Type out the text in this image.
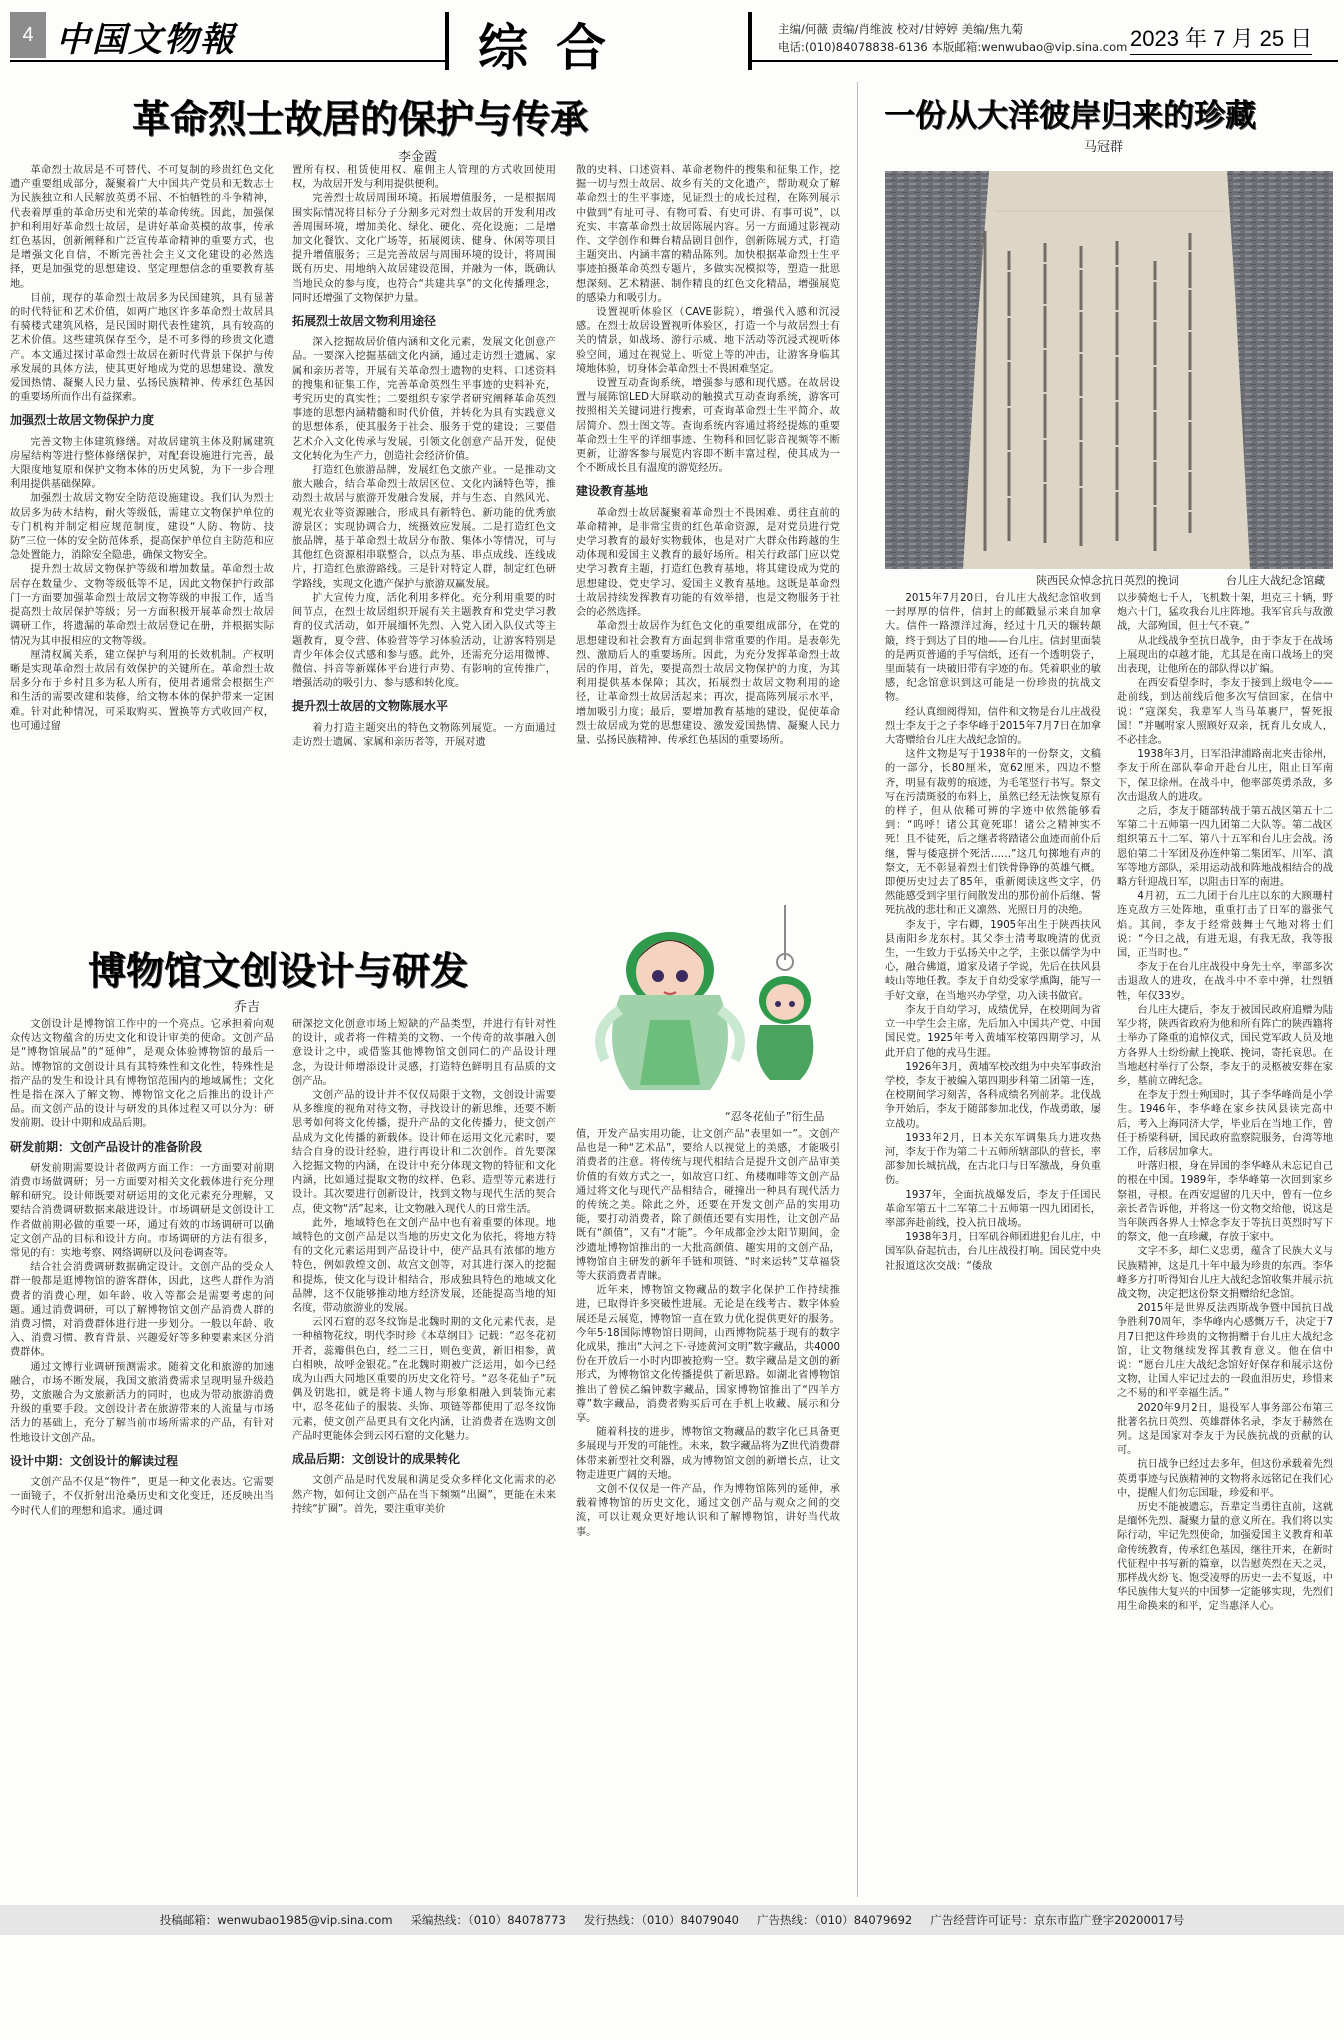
4 中国文物報	综合	主编/何薇 责编/肖维波 校对/甘婷婷 美编/焦九菊
电话:(010)84078838-6136 本版邮箱:wenwubao@vip.sina.com 2023 年 7 月 25 日
革命烈士故居的保护与传承
李金霞

革命烈士故居是不可替代、不可复制的珍贵红色文化遗产重要组成部分，凝聚着广大中国共产党员和无数志士为民族独立和人民解放英勇不屈、不怕牺牲的斗争精神，代表着厚重的革命历史和光荣的革命传统。因此，加强保护和利用好革命烈士故居，是讲好革命英模的故事，传承红色基因，创新阐释和广泛宣传革命精神的重要方式，也是增强文化自信，不断完善社会主义文化建设的必然选择，更是加强党的思想建设、坚定理想信念的重要教育基地。

目前，现存的革命烈士故居多为民国建筑，具有显著的时代特征和艺术价值，如两广地区许多革命烈士故居具有骑楼式建筑风格，是民国时期代表性建筑，具有较高的艺术价值。这些建筑保存至今，是不可多得的珍贵文化遗产。本文通过探讨革命烈士故居在新时代背景下保护与传承发展的具体方法，使其更好地成为党的思想建设、激发爱国热情、凝聚人民力量、弘扬民族精神、传承红色基因的重要场所而作出有益探索。

加强烈士故居文物保护力度

完善文物主体建筑修缮。对故居建筑主体及附属建筑房屋结构等进行整体修缮保护，对配套设施进行完善，最大限度地复原和保护文物本体的历史风貌，为下一步合理利用提供基础保障。

加强烈士故居文物安全防范设施建设。我们认为烈士故居多为砖木结构，耐火等级低，需建立文物保护单位的专门机构并制定相应规范制度，建设“人防、物防、技防”三位一体的安全防范体系，提高保护单位自主防范和应急处置能力，消除安全隐患，确保文物安全。

提升烈士故居文物保护等级和增加数量。革命烈士故居存在数量少、文物等级低等不足，因此文物保护行政部门一方面要加强革命烈士故居文物等级的申报工作，适当提高烈士故居保护等级；另一方面积极开展革命烈士故居调研工作，将遗漏的革命烈士故居登记在册，并根据实际情况为其申报相应的文物等级。

厘清权属关系，建立保护与利用的长效机制。产权明晰是实现革命烈士故居有效保护的关键所在。革命烈士故居多分布于乡村且多为私人所有，使用者通常会根据生产和生活的需要改建和装修，给文物本体的保护带来一定困难。针对此种情况，可采取购买、置换等方式收回产权，也可通过留

置所有权、租赁使用权、雇佣主人管理的方式收回使用权，为故居开发与利用提供便利。

完善烈士故居周围环境。拓展增值服务，一是根据周围实际情况将目标分子分割多元对烈士故居的开发利用改善周围环境，增加美化、绿化、硬化、亮化设施；二是增加文化餐饮、文化广场等，拓展阅读、健身、休闲等项目提升增值服务；三是完善故居与周围环境的设计，将周围既有历史、用地纳入故居建设范围，并融为一体，既确认当地民众的参与度，也符合“共建共享”的文化传播理念，同时还增强了文物保护力量。

拓展烈士故居文物利用途径

深入挖掘故居价值内涵和文化元素，发展文化创意产品。一要深入挖掘基础文化内涵，通过走访烈士遗属、家属和亲历者等，开展有关革命烈士遗物的史料、口述资料的搜集和征集工作，完善革命英烈生平事迹的史料补充，考究历史的真实性；二要组织专家学者研究阐释革命英烈事迹的思想内涵精髓和时代价值，并转化为具有实践意义的思想体系，使其服务于社会、服务于党的建设；三要借艺术介入文化传承与发展，引领文化创意产品开发，促使文化转化为生产力，创造社会经济价值。

打造红色旅游品牌，发展红色文旅产业。一是推动文旅大融合，结合革命烈士故居区位、文化内涵特色等，推动烈士故居与旅游开发融合发展，并与生态、自然风光、观光农业等资源融合，形成具有新特色、新功能的优秀旅游景区；实现协调合力，统摄效应发展。二是打造红色文旅品牌，基于革命烈士故居分布散、集体小等情况，可与其他红色资源相串联整合，以点为基、串点成线、连线成片，打造红色旅游路线。三是针对特定人群，制定红色研学路线，实现文化遗产保护与旅游双赢发展。

扩大宣传力度，活化利用多样化。充分利用重要的时间节点，在烈士故居组织开展有关主题教育和党史学习教育的仪式活动，如开展缅怀先烈、入党入团入队仪式等主题教育，夏令营、体验营等学习体验活动，让游客特别是青少年体会仪式感和参与感。此外，还需充分运用微博、微信、抖音等新媒体平台进行声势、有影响的宣传推广，增强活动的吸引力、参与感和转化度。

提升烈士故居的文物陈展水平

着力打造主题突出的特色文物陈列展览。一方面通过走访烈士遗属、家属和亲历者等，开展对遗

散的史料、口述资料、革命老物件的搜集和征集工作，挖掘一切与烈士故居、故乡有关的文化遗产，帮助观众了解革命烈士的生平事迹，见证烈士的成长过程，在陈列展示中做到“有址可寻、有物可看、有史可讲、有事可说”，以充实、丰富革命烈士故居陈展内容。另一方面通过影视动作、文学创作和舞台精品剧目创作，创新陈展方式，打造主题突出、内涵丰富的精品陈列。加快根据革命烈士生平事迹拍摄革命英烈专题片，多做实况模拟等，塑造一批思想深刻、艺术精湛、制作精良的红色文化精品，增强展览的感染力和吸引力。

设置视听体验区（CAVE影院），增强代入感和沉浸感。在烈士故居设置视听体验区，打造一个与故居烈士有关的情景，如战场、游行示威、地下活动等沉浸式视听体验空间，通过在视觉上、听觉上等的冲击，让游客身临其境地体验，切身体会革命烈士不畏困难坚定。

设置互动查询系统，增强参与感和现代感。在故居设置与展陈馆LED大屏联动的触摸式互动查询系统，游客可按照相关关键词进行搜索，可查询革命烈士生平简介、故居简介、烈士图文等。查询系统内容通过将经提炼的重要革命烈士生平的详细事迹、生物科和回忆影音视频等不断更新，让游客参与展览内容即不断丰富过程，使其成为一个不断成长且有温度的游览经历。

建设教育基地

革命烈士故居凝聚着革命烈士不畏困难、勇往直前的革命精神，是非常宝贵的红色革命资源，是对党员进行党史学习教育的最好实物载体，也是对广大群众伟跨越的生动体现和爱国主义教育的最好场所。相关行政部门应以党史学习教育主题，打造红色教育基地，将其建设成为党的思想建设、党史学习、爱国主义教育基地。这既是革命烈士故居持续发挥教育功能的有效举措，也是文物服务于社会的必然选择。

革命烈士故居作为红色文化的重要组成部分，在党的思想建设和社会教育方面起到非常重要的作用。是表彰先烈、激励后人的重要场所。因此，为充分发挥革命烈士故居的作用，首先，要提高烈士故居文物保护的力度，为其利用提供基本保障；其次，拓展烈士故居文物利用的途径，让革命烈士故居活起来；再次，提高陈列展示水平，增加吸引力度；最后，要增加教育基地的建设，促使革命烈士故居成为党的思想建设、激发爱国热情、凝聚人民力量、弘扬民族精神、传承红色基因的重要场所。

博物馆文创设计与研发
乔吉

文创设计是博物馆工作中的一个亮点。它承担着向观众传达文物蕴含的历史文化和设计审美的使命。文创产品是“博物馆展品”的“延伸”，是观众体验博物馆的最后一站。博物馆的文创设计具有其特殊性和文化性，特殊性是指产品的发生和设计具有博物馆范围内的地域属性；文化性是指在深入了解文物、博物馆文化之后推出的设计产品。而文创产品的设计与研发的具体过程又可以分为：研发前期、设计中期和成品后期。

研发前期：文创产品设计的准备阶段

研发前期需要设计者做两方面工作：一方面要对前期消费市场做调研；另一方面要对相关文化载体进行充分理解和研究。设计师既要对研运用的文化元素充分理解，又要结合消费调研数据来敲进设计。市场调研是文创设计工作者做前期必做的重要一环，通过有效的市场调研可以确定文创产品的目标和设计方向。市场调研的方法有很多，常见的有：实地考察、网络调研以及问卷调查等。

结合社会消费调研数据确定设计。文创产品的受众人群一般都是逛博物馆的游客群体，因此，这些人群作为消费者的消费心理，如年龄、收入等都会是需要考虑的问题。通过消费调研，可以了解博物馆文创产品消费人群的消费习惯，对消费群体进行进一步划分。一般以年龄、收入、消费习惯、教育背景、兴趣爱好等多种要素来区分消费群体。

通过文博行业调研预测需求。随着文化和旅游的加速融合，市场不断发展，我国文旅消费需求呈现明显升级趋势，文旅融合为文旅新活力的同时，也成为带动旅游消费升级的重要手段。文创设计者在旅游带来的人流量与市场活力的基础上，充分了解当前市场所需求的产品，有针对性地设计文创产品。

设计中期：文创设计的解读过程

文创产品不仅是“物件”，更是一种文化表达。它需要一面镜子，不仅折射出沧桑历史和文化变迁，还反映出当今时代人们的理想和追求。通过调

研深挖文化创意市场上短缺的产品类型，并进行有针对性的设计，或者将一件精美的文物、一个传奇的故事融入创意设计之中，或借鉴其他博物馆文创同仁的产品设计理念，为设计师增添设计灵感，打造特色鲜明且有品质的文创产品。

文创产品的设计并不仅仅局限于文物，文创设计需要从多维度的视角对待文物，寻找设计的新思维，还要不断思考如何将文化传播，提升产品的文化传播力，使文创产品成为文化传播的新载体。设计师在运用文化元素时，要结合自身的设计经验，进行再设计和二次创作。首先要深入挖掘文物的内涵，在设计中充分体现文物的特征和文化内涵，比如通过提取文物的纹样、色彩、造型等元素进行设计。其次要进行创新设计，找到文物与现代生活的契合点，使文物“活”起来，让文物融入现代人的日常生活。

此外，地域特色在文创产品中也有着重要的体现。地域特色的文创产品是以当地的历史文化为依托，将地方特有的文化元素运用到产品设计中，使产品具有浓郁的地方特色，例如敦煌文创、故宫文创等，对其进行深入的挖掘和提炼，使文化与设计相结合，形成独具特色的地域文化品牌，这不仅能够推动地方经济发展，还能提高当地的知名度，带动旅游业的发展。

云冈石窟的忍冬纹饰是北魏时期的文化元素代表，是一种植物花纹，明代李时珍《本草纲目》记载：“忍冬花初开者，蕊瓣俱色白，经二三日，则色变黄，新旧相参，黄白相映，故呼金银花。”在北魏时期被广泛运用，如今已经成为山西大同地区重要的历史文化符号。“忍冬花仙子”玩偶及钥匙扣，就是将卡通人物与形象相融入到装饰元素中，忍冬花仙子的服装、头饰、项链等都使用了忍冬纹饰元素，使文创产品更具有文化内涵，让消费者在选购文创产品时更能体会到云冈石窟的文化魅力。

成品后期：文创设计的成果转化

文创产品是时代发展和满足受众多样化文化需求的必然产物，如何让文创产品在当下频频“出圈”，更能在未来持续“扩圈”。首先，要注重审美价

“忍冬花仙子”衍生品

值，开发产品实用功能，让文创产品“表里如一”。文创产品也是一种“艺术品”，要给人以视觉上的美感，才能吸引消费者的注意。将传统与现代相结合是提升文创产品审美价值的有效方式之一，如故宫口红、角楼咖啡等文创产品通过将文化与现代产品相结合，碰撞出一种具有现代活力的传统之美。除此之外，还要在开发文创产品的实用功能，要打动消费者，除了颜值还要有实用性，让文创产品既有“颜值”，又有“才能”。今年成都金沙太阳节期间，金沙遗址博物馆推出的一大批高颜值、趣实用的文创产品，博物馆自主研发的新年手链和项链、“时来运转”艾草福袋等大获消费者青睐。

近年来，博物馆文物藏品的数字化保护工作持续推进，已取得许多突破性进展。无论是在线考古、数字体验展还是云展览，博物馆一直在致力优化提供更好的服务。今年5·18国际博物馆日期间，山西博物院基于现有的数字化成果，推出“大河之下·寻迹黄河文明”数字藏品，共4000份在开放后一小时内即被抢购一空。数字藏品是文创的新形式，为博物馆文化传播提供了新思路。如湖北省博物馆推出了曾侯乙编钟数字藏品，国家博物馆推出了“四羊方尊”数字藏品，消费者购买后可在手机上收藏、展示和分享。

随着科技的进步，博物馆文物藏品的数字化已具备更多展现与开发的可能性。未来，数字藏品将为Z世代消费群体带来新型社交利器，成为博物馆文创的新增长点，让文物走进更广阔的天地。

文创不仅仅是一件产品，作为博物馆陈列的延伸，承载着博物馆的历史文化，通过文创产品与观众之间的交流，可以让观众更好地认识和了解博物馆，讲好当代故事。

一份从大洋彼岸归来的珍藏
马冠群
陕西民众悼念抗日英烈的挽词	台儿庄大战纪念馆藏

2015年7月20日，台儿庄大战纪念馆收到一封厚厚的信件，信封上的邮戳显示来自加拿大。信件一路漂洋过海，经过十几天的辗转颠簸，终于到达了目的地——台儿庄。信封里面装的是两页普通的手写信纸，还有一个透明袋子，里面装有一块破旧带有字迹的布。凭着职业的敏感，纪念馆意识到这可能是一份珍贵的抗战文物。

经认真细阅得知，信件和文物是台儿庄战役烈士李友于之子李华峰于2015年7月7日在加拿大寄赠给台儿庄大战纪念馆的。

这件文物是写于1938年的一份祭文，文稿的一部分，长80厘米，宽62厘米，四边不整齐，明显有裁剪的痕迹，为毛笔竖行书写。祭文写在污渍斑驳的布料上，虽然已经无法恢复原有的样子，但从依稀可辨的字迹中依然能够看到：“呜呼！诸公其竟死耶！诸公之精神实不死！且不徒死，后之继者将踏诸公血迹而前仆后继，誓与倭寇拼个死活……”这几句掷地有声的祭文，无不彰显着烈士们铁骨铮铮的英雄气概。即便历史过去了85年，重新阅读这些文字，仍然能感受到字里行间散发出的那份前仆后继、誓死抗战的悲壮和正义凛然、光照日月的决绝。

李友于，字右卿，1905年出生于陕西扶风县南阳乡龙东村。其父李士清考取晚清的优贡生，一生致力于弘扬关中之学，主张以儒学为中心，融合佛道，道家及诸子学说，先后在扶风县岐山等地任教。李友于自幼受家学熏陶，能写一手好文章，在当地兴办学堂，功入读书做官。

李友于自幼学习，成绩优异，在校期间为省立一中学生会主席，先后加入中国共产党、中国国民党。1925年考入黄埔军校第四期学习，从此开启了他的戎马生涯。

1926年3月，黄埔军校改组为中央军事政治学校，李友于被编入第四期步科第二团第一连，在校期间学习刻苦，各科成绩名列前茅。北伐战争开始后，李友于随部参加北伐，作战勇敢，屡立战功。

1933年2月，日本关东军调集兵力进攻热河，李友于作为第二十五师所辖部队的营长，率部参加长城抗战，在古北口与日军激战，身负重伤。

1937年，全面抗战爆发后，李友于任国民革命军第五十二军第二十五师第一四九团团长，率部奔赴前线，投入抗日战场。

1938年3月，日军矶谷师团进犯台儿庄，中国军队奋起抗击，台儿庄战役打响。国民党中央社报道这次交战：“倭敌

以步骑炮七千人，飞机数十架，坦克三十辆，野炮六十门，猛攻我台儿庄阵地。我军官兵与敌激战，大部殉国，但士气不衰。”

从北线战争至抗日战争，由于李友于在战场上展现出的卓越才能，尤其是在南口战场上的突出表现，让他所在的部队得以扩编。

在西安看望李时，李友于接到上级电令——赴前线，到达前线后他多次写信回家，在信中说：“寇深矣，我辈军人当马革裹尸，誓死报国！”并嘱咐家人照顾好双亲，抚育儿女成人，不必挂念。

1938年3月，日军沿津浦路南北夹击徐州，李友于所在部队奉命开赴台儿庄，阻止日军南下，保卫徐州。在战斗中，他率部英勇杀敌，多次击退敌人的进攻。

之后，李友于随部转战于第五战区第五十二军第二十五师第一四九团第二大队等。第二战区组织第五十二军、第八十五军和台儿庄会战。汤恩伯第二十军团及孙连仲第二集团军、川军、滇军等地方部队，采用运动战和阵地战相结合的战略方针迎战日军，以阻击日军的南进。

4月初，五二九团于台儿庄以东的大顾珊村连克敌方三处阵地，重重打击了日军的嚣张气焰。其间，李友于经常鼓舞士气地对将士们说：“今日之战，有进无退，有我无敌，我等报国，正当时也。”

李友于在台儿庄战役中身先士卒，率部多次击退敌人的进攻，在战斗中不幸中弹，壮烈牺牲，年仅33岁。

台儿庄大捷后，李友于被国民政府追赠为陆军少将，陕西省政府为他和所有阵亡的陕西籍将士举办了隆重的追悼仪式，国民党军政人员及地方各界人士纷纷献上挽联、挽词，寄托哀思。在当地赵村举行了公祭，李友于的灵柩被安葬在家乡，墓前立碑纪念。

在李友于烈士殉国时，其子李华峰尚是小学生。1946年，李华峰在家乡扶风县读完高中后，考入上海同济大学，毕业后在当地工作，曾任于桥梁科研，国民政府监察院服务，台湾等地工作，后移居加拿大。

叶落归根，身在异国的李华峰从未忘记自己的根在中国。1989年，李华峰第一次回到家乡祭祖，寻根。在西安逗留的几天中，曾有一位乡亲长者告诉他，并将这一份文物交给他，说这是当年陕西各界人士悼念李友于等抗日英烈时写下的祭文，他一直珍藏，存放于家中。

文字不多，却仁义忠勇，蕴含了民族大义与民族精神，这是几十年中最为珍贵的东西。李华峰多方打听得知台儿庄大战纪念馆收集并展示抗战文物，决定把这份祭文捐赠给纪念馆。

2015年是世界反法西斯战争暨中国抗日战争胜利70周年，李华峰内心感慨万千，决定于7月7日把这件珍贵的文物捐赠于台儿庄大战纪念馆，让文物继续发挥其教育意义。他在信中说：“愿台儿庄大战纪念馆好好保存和展示这份文物，让国人牢记过去的一段血泪历史，珍惜来之不易的和平幸福生活。”

2020年9月2日，退役军人事务部公布第三批著名抗日英烈、英雄群体名录，李友于赫然在列。这是国家对李友于为民族抗战的贡献的认可。

抗日战争已经过去多年，但这份承载着先烈英勇事迹与民族精神的文物将永远铭记在我们心中，提醒人们勿忘国耻，珍爱和平。

历史不能被遗忘，吾辈定当勇往直前，这就是缅怀先烈、凝聚力量的意义所在。我们将以实际行动，牢记先烈使命，加强爱国主义教育和革命传统教育，传承红色基因，继往开来，在新时代征程中书写新的篇章，以告慰英烈在天之灵，那样战火纷飞、饱受凌辱的历史一去不复返，中华民族伟大复兴的中国梦一定能够实现，先烈们用生命换来的和平，定当惠泽人心。

投稿邮箱：wenwubao1985@vip.sina.com 采编热线：（010）84078773 发行热线：（010）84079040 广告热线：（010）84079692 广告经营许可证号：京东市监广登字20200017号
